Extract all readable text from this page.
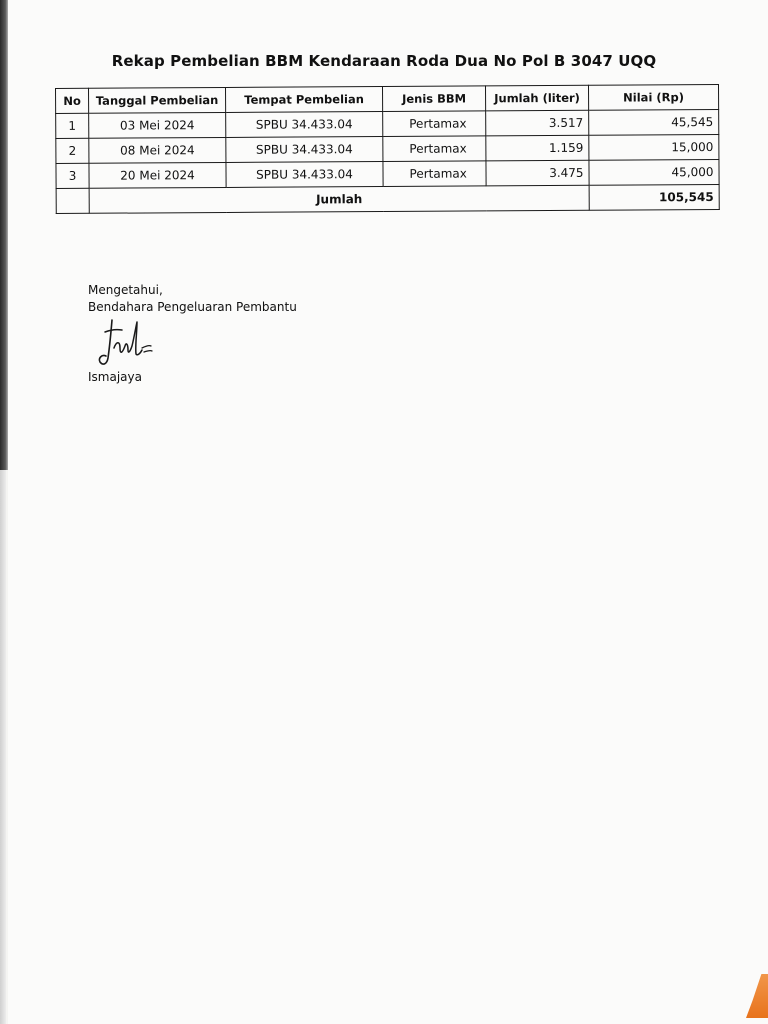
Rekap Pembelian BBM Kendaraan Roda Dua No Pol B 3047 UQQ
No	Tanggal Pembelian	Tempat Pembelian	Jenis BBM	Jumlah (liter)	Nilai (Rp)
1	03 Mei 2024	SPBU 34.433.04	Pertamax	3.517	45,545
2	08 Mei 2024	SPBU 34.433.04	Pertamax	1.159	15,000
3	20 Mei 2024	SPBU 34.433.04	Pertamax	3.475	45,000
	Jumlah				105,545
Mengetahui,
Bendahara Pengeluaran Pembantu
Ismajaya
